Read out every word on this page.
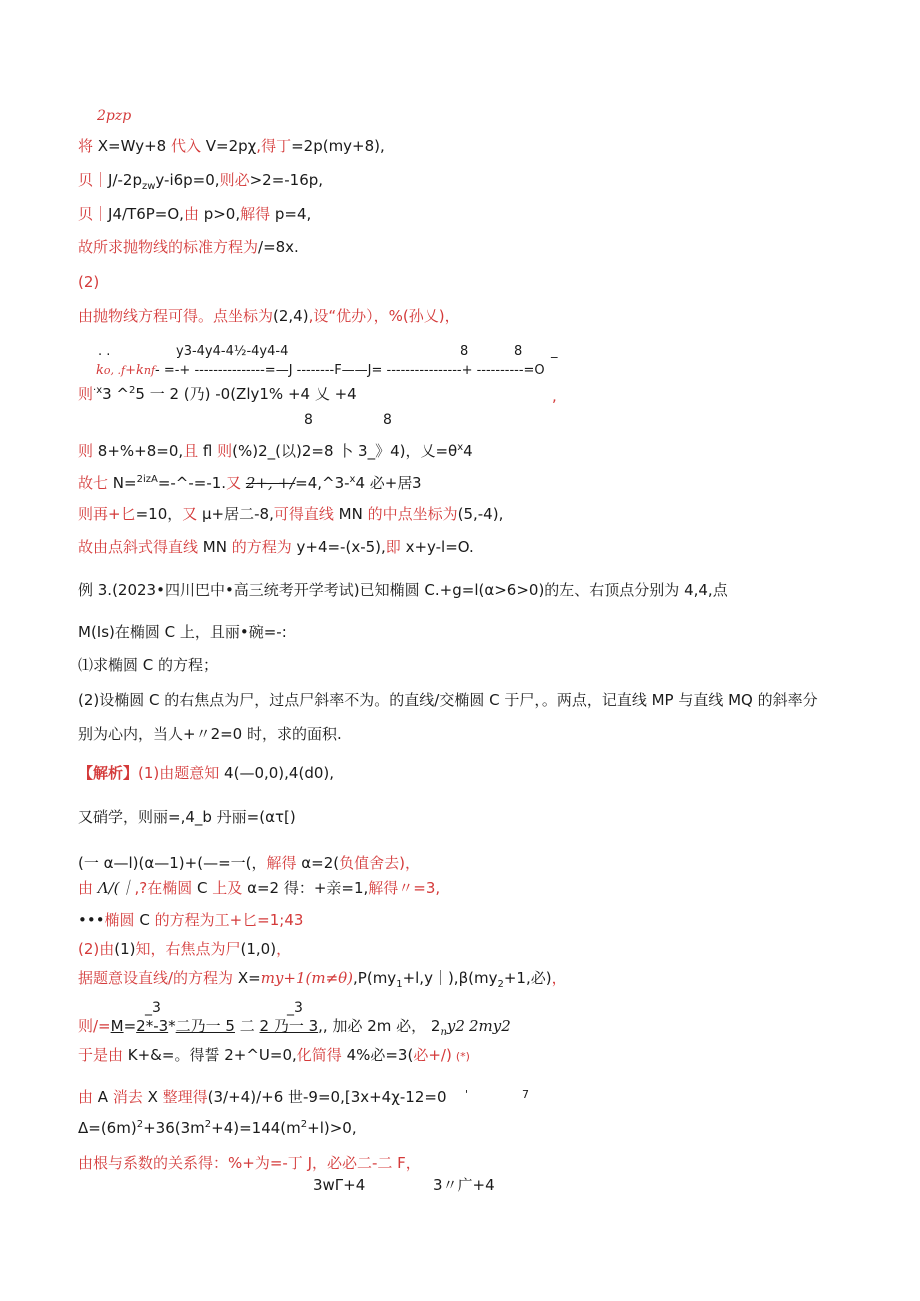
2pzp
将 X=Wy+8 代入 V=2pχ,得丁=2p(my+8),
贝$|J∕-2p_{zw}y-i6p=0$,则必>2=-16p,
贝｜J4∕T6P=O,由 p>0,解得 p=4,
故所求抛物线的标准方程为/=8x.
(2)
由抛物线方程可得。点坐标为(2,4),设“优办），%(孙乂)，
. .	y3-4y4-4½-4y4-4	8	8 _
ko, .f+knf- =-+ ---------------=—J --------F——J= ----------------+ ----------=O
则$^{\cdot x}$3 ^$^2$5 一 2 (乃) -0(Zly1% +4 乂 +4	,
8	8
则 8+%+8=0,且 fl 则(%)2_(以)2=8 卜 3_》4)，乂$=\theta^x4$
故七 N=$^{2izA}$=-^-=-1.又 2+, +/=4,^3-$^x$4 必+居 3
则再+匕=10，又 μ+居二-8,可得直线 MN 的中点坐标为(5,-4),
故由点斜式得直线 MN 的方程为 y+4=-(x-5),即 x+y-l=O.
例 3.(2023•四川巴中•高三统考开学考试)已知椭圆 C.+g=l(α>6>0)的左、右顶点分别为 4,4,点
M(Is)在椭圆 C 上，且丽•碗=-:
⑴求椭圆 C 的方程；
(2)设椭圆 C 的右焦点为尸，过点尸斜率不为。的直线/交椭圆 C 于尸，。两点，记直线 MP 与直线 MQ 的斜率分
别为心内，当人+〃2=0 时，求的面积.
【解析】(1)由题意知 4(—0,0),4(d0),
又硝学，则丽=,4_b 丹丽=(ατ[)
(一 α—l)(α—1)+(—=一(，解得 α=2(负值舍去)，
由 Λ∕(｜,?在椭圆 C 上及 α=2 得：+亲=1,解得〃=3,
•••椭圆 C 的方程为工+匕=1;43
(2)由(1)知，右焦点为尸(1,0)，
据题意设直线/的方程为 $X=my+1(m\ne\theta),P(my_1+l,y|),\beta(my_2+1$,必)，
_3	_3
则/=M=2*-3*二乃一 5 二 2 乃一 3,, 加必 2m 必， $2_ny2$ 2my2
于是由 K+&=。得誓 2+^U=0,化简得 4%必=3(必+/) (*)
由 A 消去 X 整理得(3/+4)/+6 世-9=0,[3x+4χ-12=0 '	7
$\Delta=(6m)^2+36(3m^2+4)=144(m^2+l)>0$,
由根与系数的关系得：%+为=-丁 J，必必二-二 F，
3wΓ+4	3〃广+4
